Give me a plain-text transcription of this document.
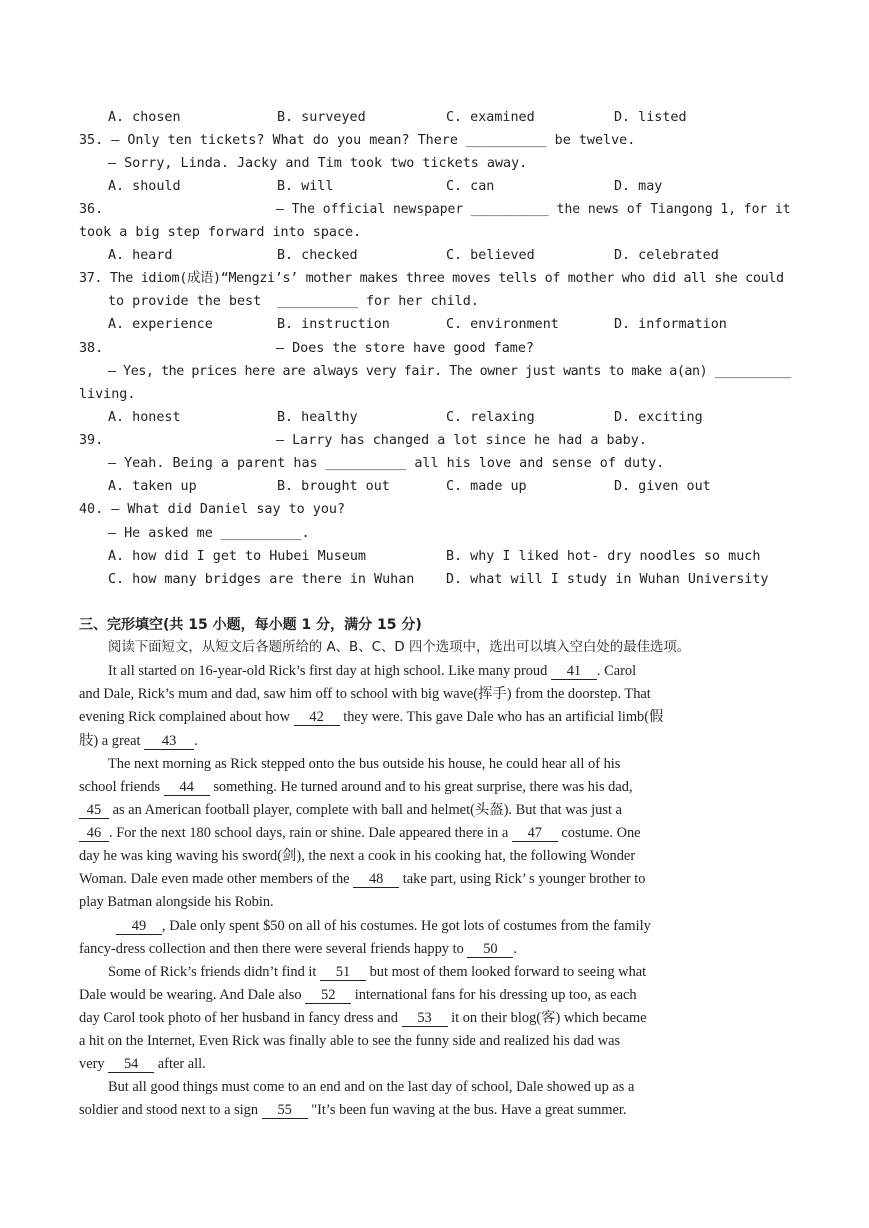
A. chosen	B. surveyed	C. examined	D. listed
35. — Only ten tickets? What do you mean? There __________ be twelve.
— Sorry, Linda. Jacky and Tim took two tickets away.
A. should	B. will	C. can	D. may
36.	— The official newspaper __________ the news of Tiangong 1, for it
took a big step forward into space.
A. heard	B. checked	C. believed	D. celebrated
37. The idiom(成语)“Mengzi’s’ mother makes three moves tells of mother who did all she could
to provide the best  __________ for her child.
A. experience	B. instruction	C. environment	D. information
38.	— Does the store have good fame?
— Yes, the prices here are always very fair. The owner just wants to make a(an) __________
living.
A. honest	B. healthy	C. relaxing	D. exciting
39.	— Larry has changed a lot since he had a baby.
— Yeah. Being a parent has __________ all his love and sense of duty.
A. taken up	B. brought out	C. made up	D. given out
40. — What did Daniel say to you?
— He asked me __________.
A. how did I get to Hubei Museum	B. why I liked hot- dry noodles so much
C. how many bridges are there in Wuhan D. what will I study in Wuhan University
三、完形填空(共 15 小题，每小题 1 分，满分 15 分)
阅读下面短文，从短文后各题所给的 A、B、C、D 四个选项中，选出可以填入空白处的最佳选项。
It all started on 16-year-old Rick’s first day at high school. Like many proud 41 . Carol
and Dale, Rick’s mum and dad, saw him off to school with big wave(挥手) from the doorstep. That
evening Rick complained about how 42 they were. This gave Dale who has an artificial limb(假
肢) a great 43 .
The next morning as Rick stepped onto the bus outside his house, he could hear all of his
school friends 44 something. He turned around and to his great surprise, there was his dad,
45 as an American football player, complete with ball and helmet(头盔). But that was just a
46 . For the next 180 school days, rain or shine. Dale appeared there in a 47 costume. One
day he was king waving his sword(剑), the next a cook in his cooking hat, the following Wonder
Woman. Dale even made other members of the 48 take part, using Rick’ s younger brother to
play Batman alongside his Robin.
49 , Dale only spent $50 on all of his costumes. He got lots of costumes from the family
fancy-dress collection and then there were several friends happy to 50 .
Some of Rick’s friends didn’t find it 51 but most of them looked forward to seeing what
Dale would be wearing. And Dale also 52 international fans for his dressing up too, as each
day Carol took photo of her husband in fancy dress and 53 it on their blog(客) which became
a hit on the Internet, Even Rick was finally able to see the funny side and realized his dad was
very 54 after all.
But all good things must come to an end and on the last day of school, Dale showed up as a
soldier and stood next to a sign 55 "It’s been fun waving at the bus. Have a great summer.
